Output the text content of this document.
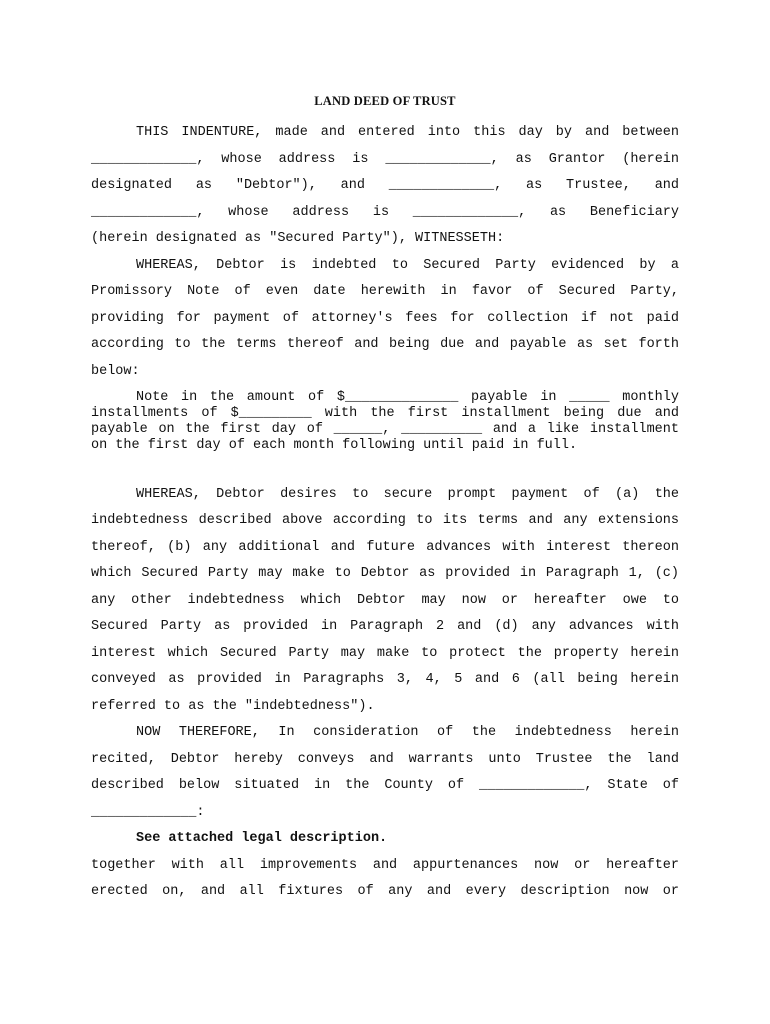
LAND DEED OF TRUST
THIS INDENTURE, made and entered into this day by and between
_____________, whose address is _____________, as Grantor (herein
designated as "Debtor"), and _____________, as Trustee, and
_____________, whose address is _____________, as Beneficiary
(herein designated as "Secured Party"), WITNESSETH:
WHEREAS, Debtor is indebted to Secured Party evidenced by a
Promissory Note of even date herewith in favor of Secured Party,
providing for payment of attorney's fees for collection if not paid
according to the terms thereof and being due and payable as set forth
below:
Note in the amount of $______________ payable in _____ monthly
installments of $_________ with the first installment being due and
payable on the first day of ______, __________ and a like installment
on the first day of each month following until paid in full.
WHEREAS, Debtor desires to secure prompt payment of (a) the
indebtedness described above according to its terms and any extensions
thereof, (b) any additional and future advances with interest thereon
which Secured Party may make to Debtor as provided in Paragraph 1, (c)
any other indebtedness which Debtor may now or hereafter owe to
Secured Party as provided in Paragraph 2 and (d) any advances with
interest which Secured Party may make to protect the property herein
conveyed as provided in Paragraphs 3, 4, 5 and 6 (all being herein
referred to as the "indebtedness").
NOW THEREFORE, In consideration of the indebtedness herein
recited, Debtor hereby conveys and warrants unto Trustee the land
described below situated in the County of _____________, State of
_____________:
See attached legal description.
together with all improvements and appurtenances now or hereafter
erected on, and all fixtures of any and every description now or
